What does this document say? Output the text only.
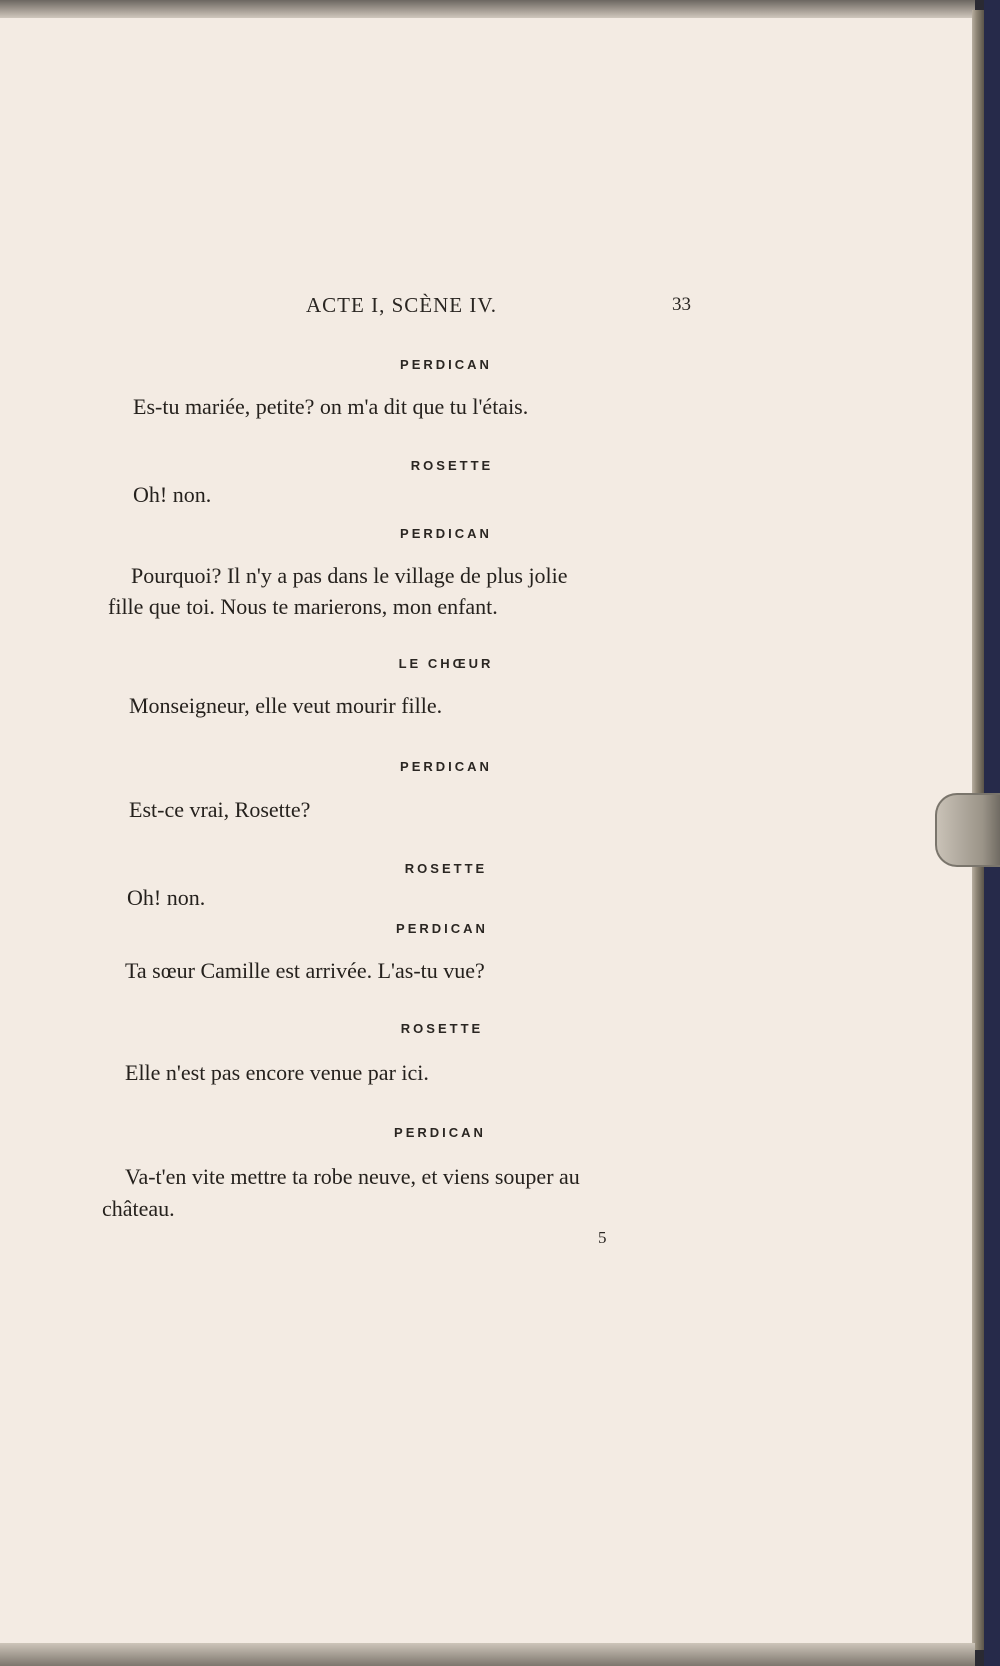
ACTE I, SCÈNE IV.	33
PERDICAN
Es-tu mariée, petite? on m'a dit que tu l'étais.
ROSETTE
Oh! non.
PERDICAN
Pourquoi? Il n'y a pas dans le village de plus jolie
fille que toi. Nous te marierons, mon enfant.
LE CHŒUR
Monseigneur, elle veut mourir fille.
PERDICAN
Est-ce vrai, Rosette?
ROSETTE
Oh! non.
PERDICAN
Ta sœur Camille est arrivée. L'as-tu vue?
ROSETTE
Elle n'est pas encore venue par ici.
PERDICAN
Va-t'en vite mettre ta robe neuve, et viens souper au
château.
5
